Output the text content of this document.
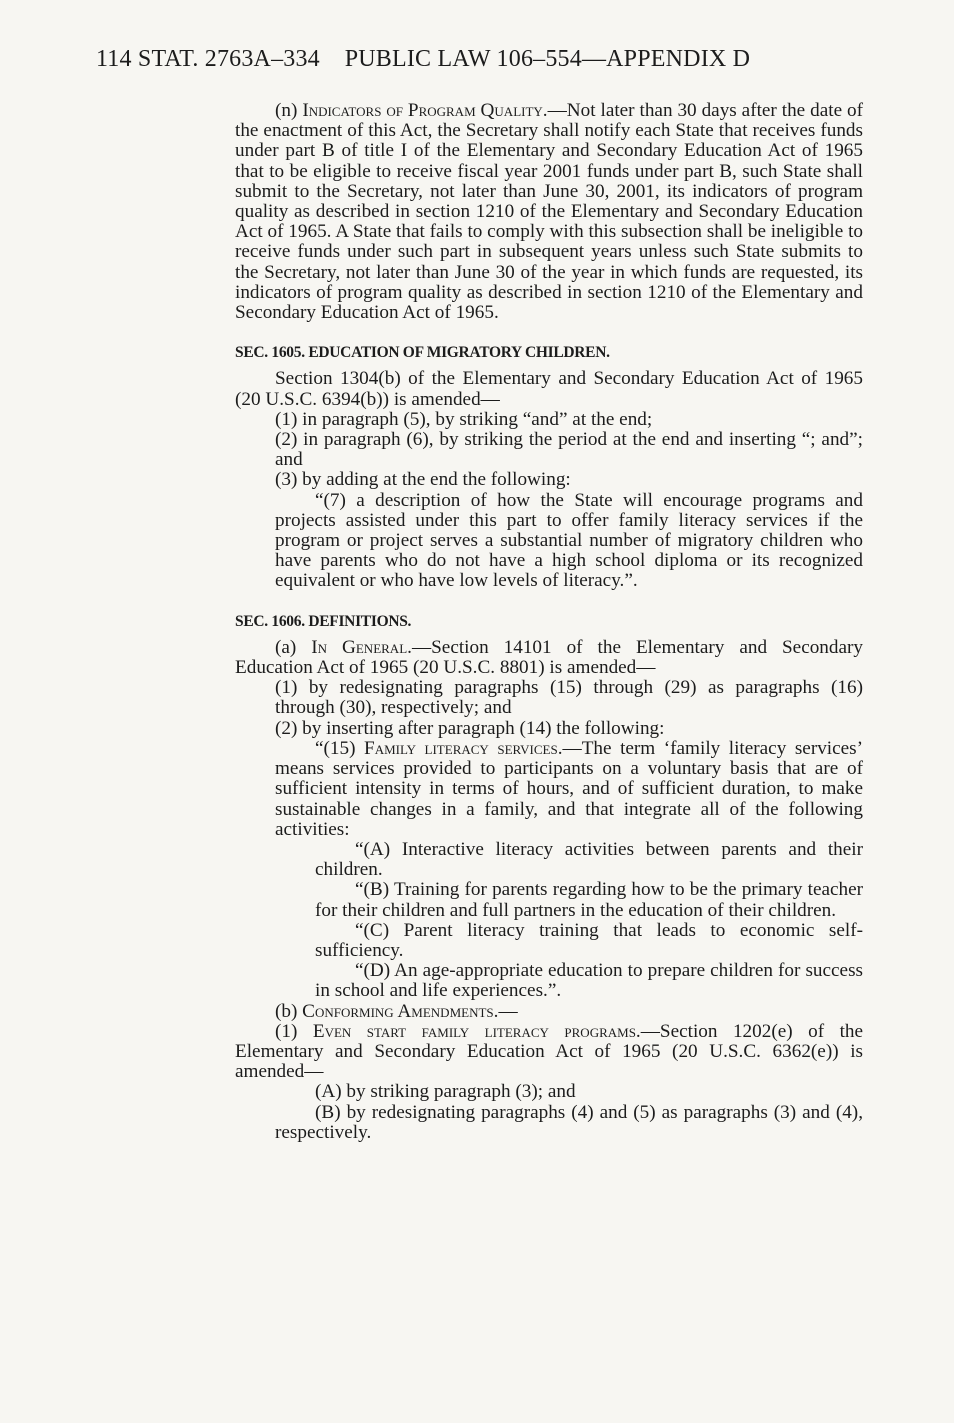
114 STAT. 2763A–334 PUBLIC LAW 106–554—APPENDIX D

(n) Indicators of Program Quality.—Not later than 30 days after the date of the enactment of this Act, the Secretary shall notify each State that receives funds under part B of title I of the Elementary and Secondary Education Act of 1965 that to be eligible to receive fiscal year 2001 funds under part B, such State shall submit to the Secretary, not later than June 30, 2001, its indicators of program quality as described in section 1210 of the Elementary and Secondary Education Act of 1965. A State that fails to comply with this subsection shall be ineligible to receive funds under such part in subsequent years unless such State submits to the Secretary, not later than June 30 of the year in which funds are requested, its indicators of program quality as described in section 1210 of the Elementary and Secondary Education Act of 1965.

SEC. 1605. EDUCATION OF MIGRATORY CHILDREN.

Section 1304(b) of the Elementary and Secondary Education Act of 1965 (20 U.S.C. 6394(b)) is amended—

(1) in paragraph (5), by striking “and” at the end;

(2) in paragraph (6), by striking the period at the end and inserting “; and”; and

(3) by adding at the end the following:

“(7) a description of how the State will encourage programs and projects assisted under this part to offer family literacy services if the program or project serves a substantial number of migratory children who have parents who do not have a high school diploma or its recognized equivalent or who have low levels of literacy.”.

SEC. 1606. DEFINITIONS.

(a) In General.—Section 14101 of the Elementary and Secondary Education Act of 1965 (20 U.S.C. 8801) is amended—

(1) by redesignating paragraphs (15) through (29) as paragraphs (16) through (30), respectively; and

(2) by inserting after paragraph (14) the following:

“(15) Family literacy services.—The term ‘family literacy services’ means services provided to participants on a voluntary basis that are of sufficient intensity in terms of hours, and of sufficient duration, to make sustainable changes in a family, and that integrate all of the following activities:

“(A) Interactive literacy activities between parents and their children.

“(B) Training for parents regarding how to be the primary teacher for their children and full partners in the education of their children.

“(C) Parent literacy training that leads to economic self-sufficiency.

“(D) An age-appropriate education to prepare children for success in school and life experiences.”.

(b) Conforming Amendments.—

(1) Even start family literacy programs.—Section 1202(e) of the Elementary and Secondary Education Act of 1965 (20 U.S.C. 6362(e)) is amended—

(A) by striking paragraph (3); and

(B) by redesignating paragraphs (4) and (5) as paragraphs (3) and (4), respectively.
